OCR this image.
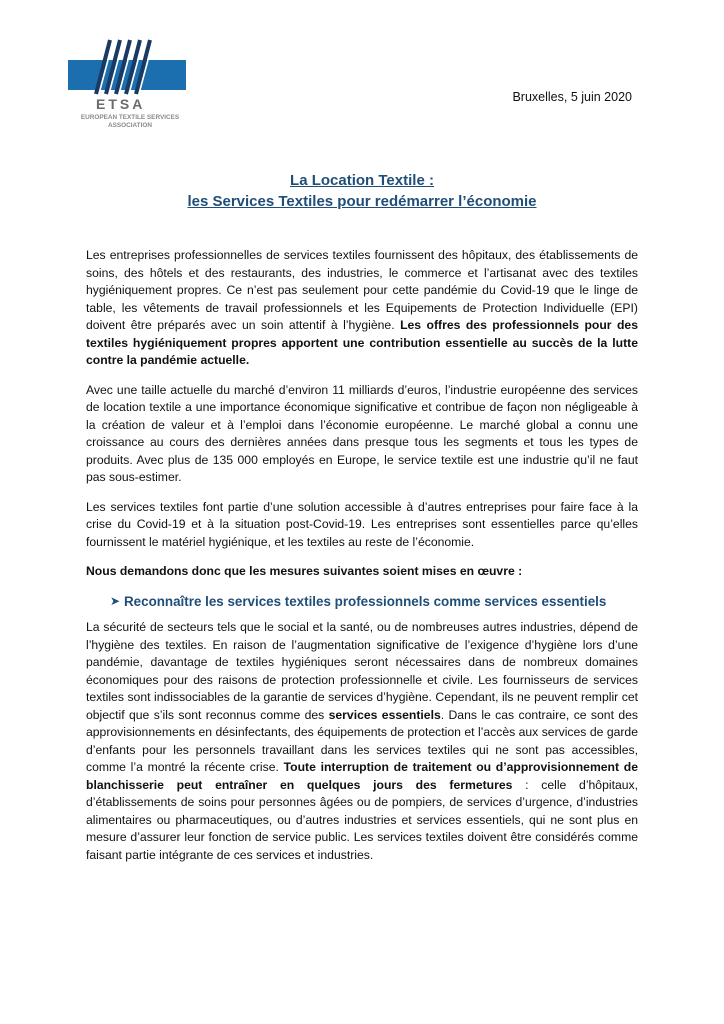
ETSA
EUROPEAN TEXTILE SERVICES
ASSOCIATION
Bruxelles, 5 juin 2020
La Location Textile :
les Services Textiles pour redémarrer l’économie

Les entreprises professionnelles de services textiles fournissent des hôpitaux, des établissements de soins, des hôtels et des restaurants, des industries, le commerce et l’artisanat avec des textiles hygiéniquement propres. Ce n’est pas seulement pour cette pandémie du Covid-19 que le linge de table, les vêtements de travail professionnels et les Equipements de Protection Individuelle (EPI) doivent être préparés avec un soin attentif à l’hygiène. Les offres des professionnels pour des textiles hygiéniquement propres apportent une contribution essentielle au succès de la lutte contre la pandémie actuelle.

Avec une taille actuelle du marché d’environ 11 milliards d’euros, l’industrie européenne des services de location textile a une importance économique significative et contribue de façon non négligeable à la création de valeur et à l’emploi dans l’économie européenne. Le marché global a connu une croissance au cours des dernières années dans presque tous les segments et tous les types de produits. Avec plus de 135 000 employés en Europe, le service textile est une industrie qu’il ne faut pas sous-estimer.

Les services textiles font partie d’une solution accessible à d’autres entreprises pour faire face à la crise du Covid-19 et à la situation post-Covid-19. Les entreprises sont essentielles parce qu’elles fournissent le matériel hygiénique, et les textiles au reste de l’économie.

Nous demandons donc que les mesures suivantes soient mises en œuvre :

➤ Reconnaître les services textiles professionnels comme services essentiels

La sécurité de secteurs tels que le social et la santé, ou de nombreuses autres industries, dépend de l’hygiène des textiles. En raison de l’augmentation significative de l’exigence d’hygiène lors d’une pandémie, davantage de textiles hygiéniques seront nécessaires dans de nombreux domaines économiques pour des raisons de protection professionnelle et civile. Les fournisseurs de services textiles sont indissociables de la garantie de services d’hygiène. Cependant, ils ne peuvent remplir cet objectif que s’ils sont reconnus comme des services essentiels. Dans le cas contraire, ce sont des approvisionnements en désinfectants, des équipements de protection et l’accès aux services de garde d’enfants pour les personnels travaillant dans les services textiles qui ne sont pas accessibles, comme l’a montré la récente crise. Toute interruption de traitement ou d’approvisionnement de blanchisserie peut entraîner en quelques jours des fermetures : celle d’hôpitaux, d’établissements de soins pour personnes âgées ou de pompiers, de services d’urgence, d’industries alimentaires ou pharmaceutiques, ou d’autres industries et services essentiels, qui ne sont plus en mesure d’assurer leur fonction de service public. Les services textiles doivent être considérés comme faisant partie intégrante de ces services et industries.
